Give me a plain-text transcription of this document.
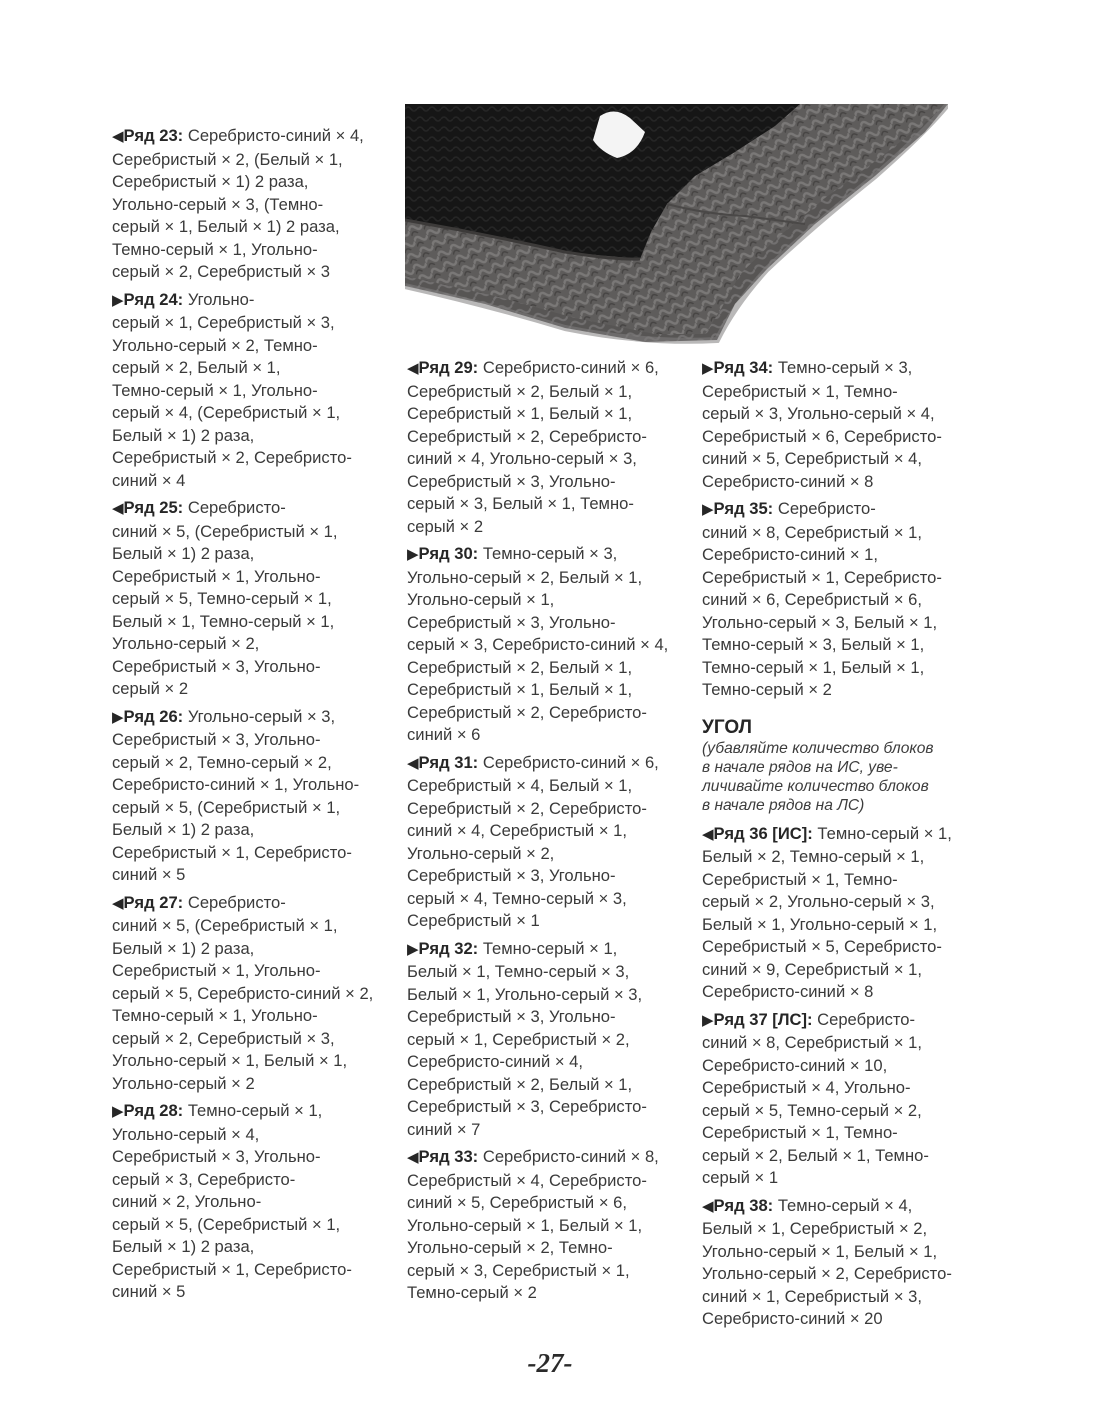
◀Ряд 23: Серебристо-синий × 4,
Серебристый × 2, (Белый × 1,
Серебристый × 1) 2 раза,
Угольно-серый × 3, (Темно-
серый × 1, Белый × 1) 2 раза,
Темно-серый × 1, Угольно-
серый × 2, Серебристый × 3
▶Ряд 24: Угольно-
серый × 1, Серебристый × 3,
Угольно-серый × 2, Темно-
серый × 2, Белый × 1,
Темно-серый × 1, Угольно-
серый × 4, (Серебристый × 1,
Белый × 1) 2 раза,
Серебристый × 2, Серебристо-
синий × 4
◀Ряд 25: Серебристо-
синий × 5, (Серебристый × 1,
Белый × 1) 2 раза,
Серебристый × 1, Угольно-
серый × 5, Темно-серый × 1,
Белый × 1, Темно-серый × 1,
Угольно-серый × 2,
Серебристый × 3, Угольно-
серый × 2
▶Ряд 26: Угольно-серый × 3,
Серебристый × 3, Угольно-
серый × 2, Темно-серый × 2,
Серебристо-синий × 1, Угольно-
серый × 5, (Серебристый × 1,
Белый × 1) 2 раза,
Серебристый × 1, Серебристо-
синий × 5
◀Ряд 27: Серебристо-
синий × 5, (Серебристый × 1,
Белый × 1) 2 раза,
Серебристый × 1, Угольно-
серый × 5, Серебристо-синий × 2,
Темно-серый × 1, Угольно-
серый × 2, Серебристый × 3,
Угольно-серый × 1, Белый × 1,
Угольно-серый × 2
▶Ряд 28: Темно-серый × 1,
Угольно-серый × 4,
Серебристый × 3, Угольно-
серый × 3, Серебристо-
синий × 2, Угольно-
серый × 5, (Серебристый × 1,
Белый × 1) 2 раза,
Серебристый × 1, Серебристо-
синий × 5
◀Ряд 29: Серебристо-синий × 6,
Серебристый × 2, Белый × 1,
Серебристый × 1, Белый × 1,
Серебристый × 2, Серебристо-
синий × 4, Угольно-серый × 3,
Серебристый × 3, Угольно-
серый × 3, Белый × 1, Темно-
серый × 2
▶Ряд 30: Темно-серый × 3,
Угольно-серый × 2, Белый × 1,
Угольно-серый × 1,
Серебристый × 3, Угольно-
серый × 3, Серебристо-синий × 4,
Серебристый × 2, Белый × 1,
Серебристый × 1, Белый × 1,
Серебристый × 2, Серебристо-
синий × 6
◀Ряд 31: Серебристо-синий × 6,
Серебристый × 4, Белый × 1,
Серебристый × 2, Серебристо-
синий × 4, Серебристый × 1,
Угольно-серый × 2,
Серебристый × 3, Угольно-
серый × 4, Темно-серый × 3,
Серебристый × 1
▶Ряд 32: Темно-серый × 1,
Белый × 1, Темно-серый × 3,
Белый × 1, Угольно-серый × 3,
Серебристый × 3, Угольно-
серый × 1, Серебристый × 2,
Серебристо-синий × 4,
Серебристый × 2, Белый × 1,
Серебристый × 3, Серебристо-
синий × 7
◀Ряд 33: Серебристо-синий × 8,
Серебристый × 4, Серебристо-
синий × 5, Серебристый × 6,
Угольно-серый × 1, Белый × 1,
Угольно-серый × 2, Темно-
серый × 3, Серебристый × 1,
Темно-серый × 2
▶Ряд 34: Темно-серый × 3,
Серебристый × 1, Темно-
серый × 3, Угольно-серый × 4,
Серебристый × 6, Серебристо-
синий × 5, Серебристый × 4,
Серебристо-синий × 8
▶Ряд 35: Серебристо-
синий × 8, Серебристый × 1,
Серебристо-синий × 1,
Серебристый × 1, Серебристо-
синий × 6, Серебристый × 6,
Угольно-серый × 3, Белый × 1,
Темно-серый × 3, Белый × 1,
Темно-серый × 1, Белый × 1,
Темно-серый × 2
УГОЛ
(убавляйте количество блоков
в начале рядов на ИС, уве-
личивайте количество блоков
в начале рядов на ЛС)
◀Ряд 36 [ИС]: Темно-серый × 1,
Белый × 2, Темно-серый × 1,
Серебристый × 1, Темно-
серый × 2, Угольно-серый × 3,
Белый × 1, Угольно-серый × 1,
Серебристый × 5, Серебристо-
синий × 9, Серебристый × 1,
Серебристо-синий × 8
▶Ряд 37 [ЛС]: Серебристо-
синий × 8, Серебристый × 1,
Серебристо-синий × 10,
Серебристый × 4, Угольно-
серый × 5, Темно-серый × 2,
Серебристый × 1, Темно-
серый × 2, Белый × 1, Темно-
серый × 1
◀Ряд 38: Темно-серый × 4,
Белый × 1, Серебристый × 2,
Угольно-серый × 1, Белый × 1,
Угольно-серый × 2, Серебристо-
синий × 1, Серебристый × 3,
Серебристо-синий × 20
-27-
